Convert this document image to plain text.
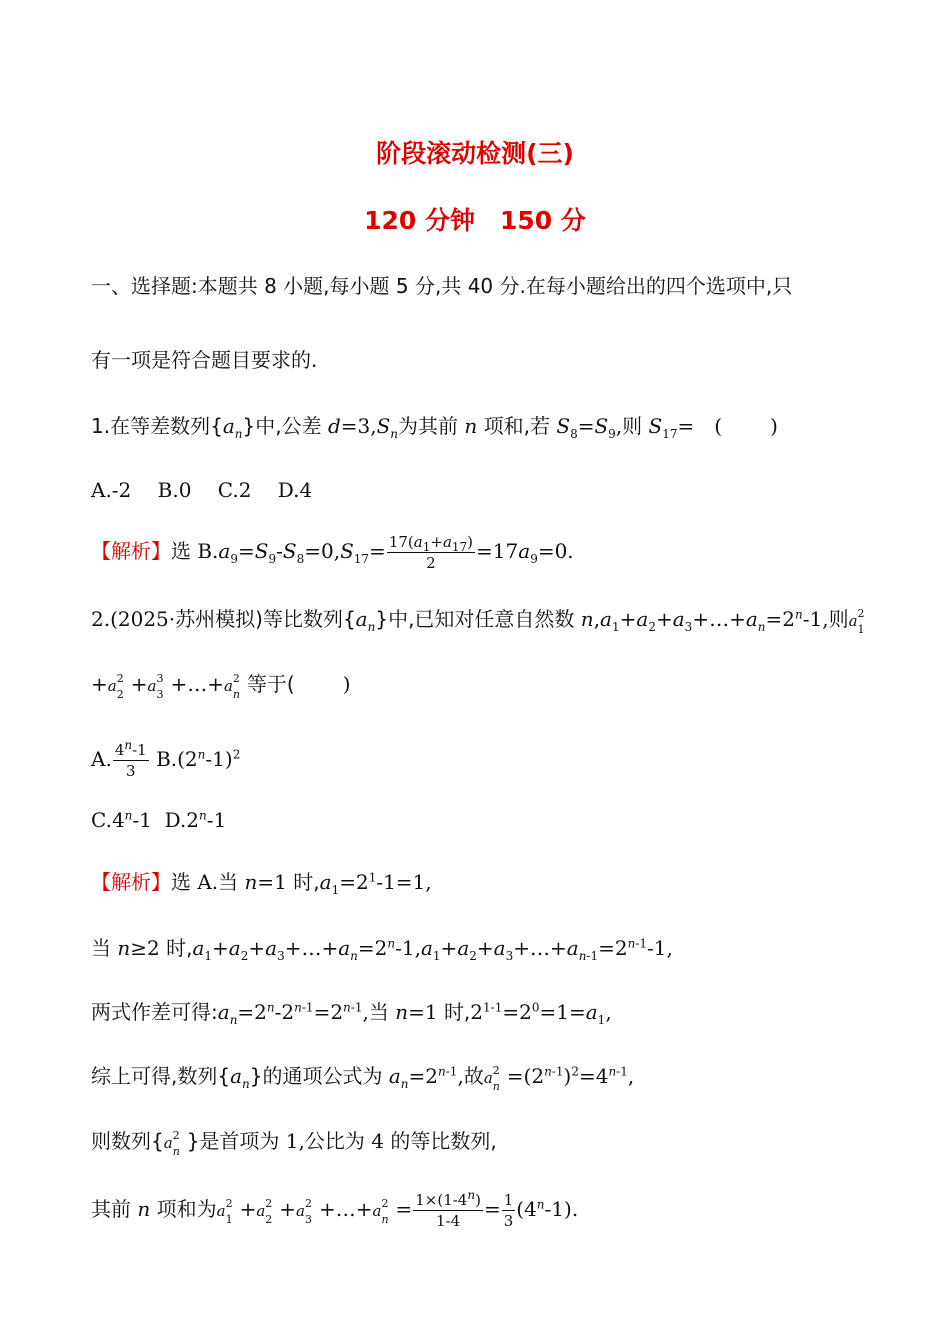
阶段滚动检测(三)
120 分钟　150 分
一、选择题:本题共 8 小题,每小题 5 分,共 40 分.在每小题给出的四个选项中,只
有一项是符合题目要求的.
1.在等差数列$\{a_n\}$中,公差 $d=3,S_n$为其前 n 项和,若 $S_8=S_9$,则 $S_{17}=$　( )
A.-2　 B.0　 C.2　 D.4
【解析】选 $B.a_9=S_9-S_8=0,S_{17}= \frac{17(a_1+a_{17})}{2} =17a_9=0$.
2.(2025·苏州模拟)等比数列$\{a_n\}$中,已知对任意自然数 $n,a_1+a_2+a_3+\dots+a_n=2^n-1$,则a 2
1
+a 2
2 +a 3
3 +…+a 2
n 等于( )
A. $\frac{4^n-1}{3} B.(2^n-1)^2$
C.4$^n$-1  D.2$^n$-1
【解析】选 A.当 n=1 时$,a_1=2^1-1=1$,
当 n≥2 时$,a_1+a_2+a_3+\dots+a_n=2^n-1,a_1+a_2+a_3+\dots+a_{n-1}=2^{n-1}-1$,
两式作差可得$:a_n=2^n-2^{n-1}=2^{n-1}$,当 n=1 时$,2^{1-1}=2^0=1=a_1$,
综上可得,数列$\{a_n\}$的通项公式为 $a_n=2^{n-1}$,故a 2
$n =(2^{n-1})^2=4^{n-1}$,
则数列{a 2
n }是首项为 1,公比为 4 的等比数列,
其前 n 项和为a 2
1 +a 2
2 +a 2
3 +…+a 2
$n = \frac{1\times(1-4^n)}{1-4} = \frac{1}{3} (4^n-1)$.
